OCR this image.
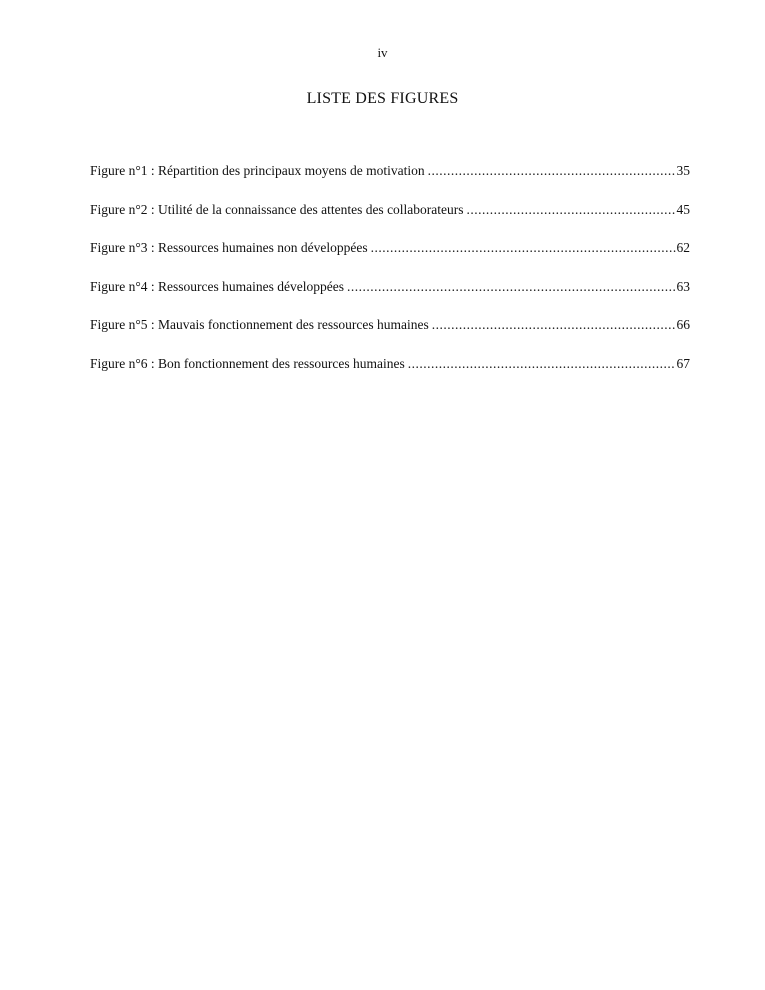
iv
LISTE DES FIGURES
Figure n°1 : Répartition des principaux moyens de motivation .....	35
Figure n°2 : Utilité de la connaissance des attentes des collaborateurs .....	45
Figure n°3 : Ressources humaines non développées .....	62
Figure n°4 : Ressources humaines développées .....	63
Figure n°5 : Mauvais fonctionnement des ressources humaines .....	66
Figure n°6 : Bon fonctionnement des ressources humaines .....	67
